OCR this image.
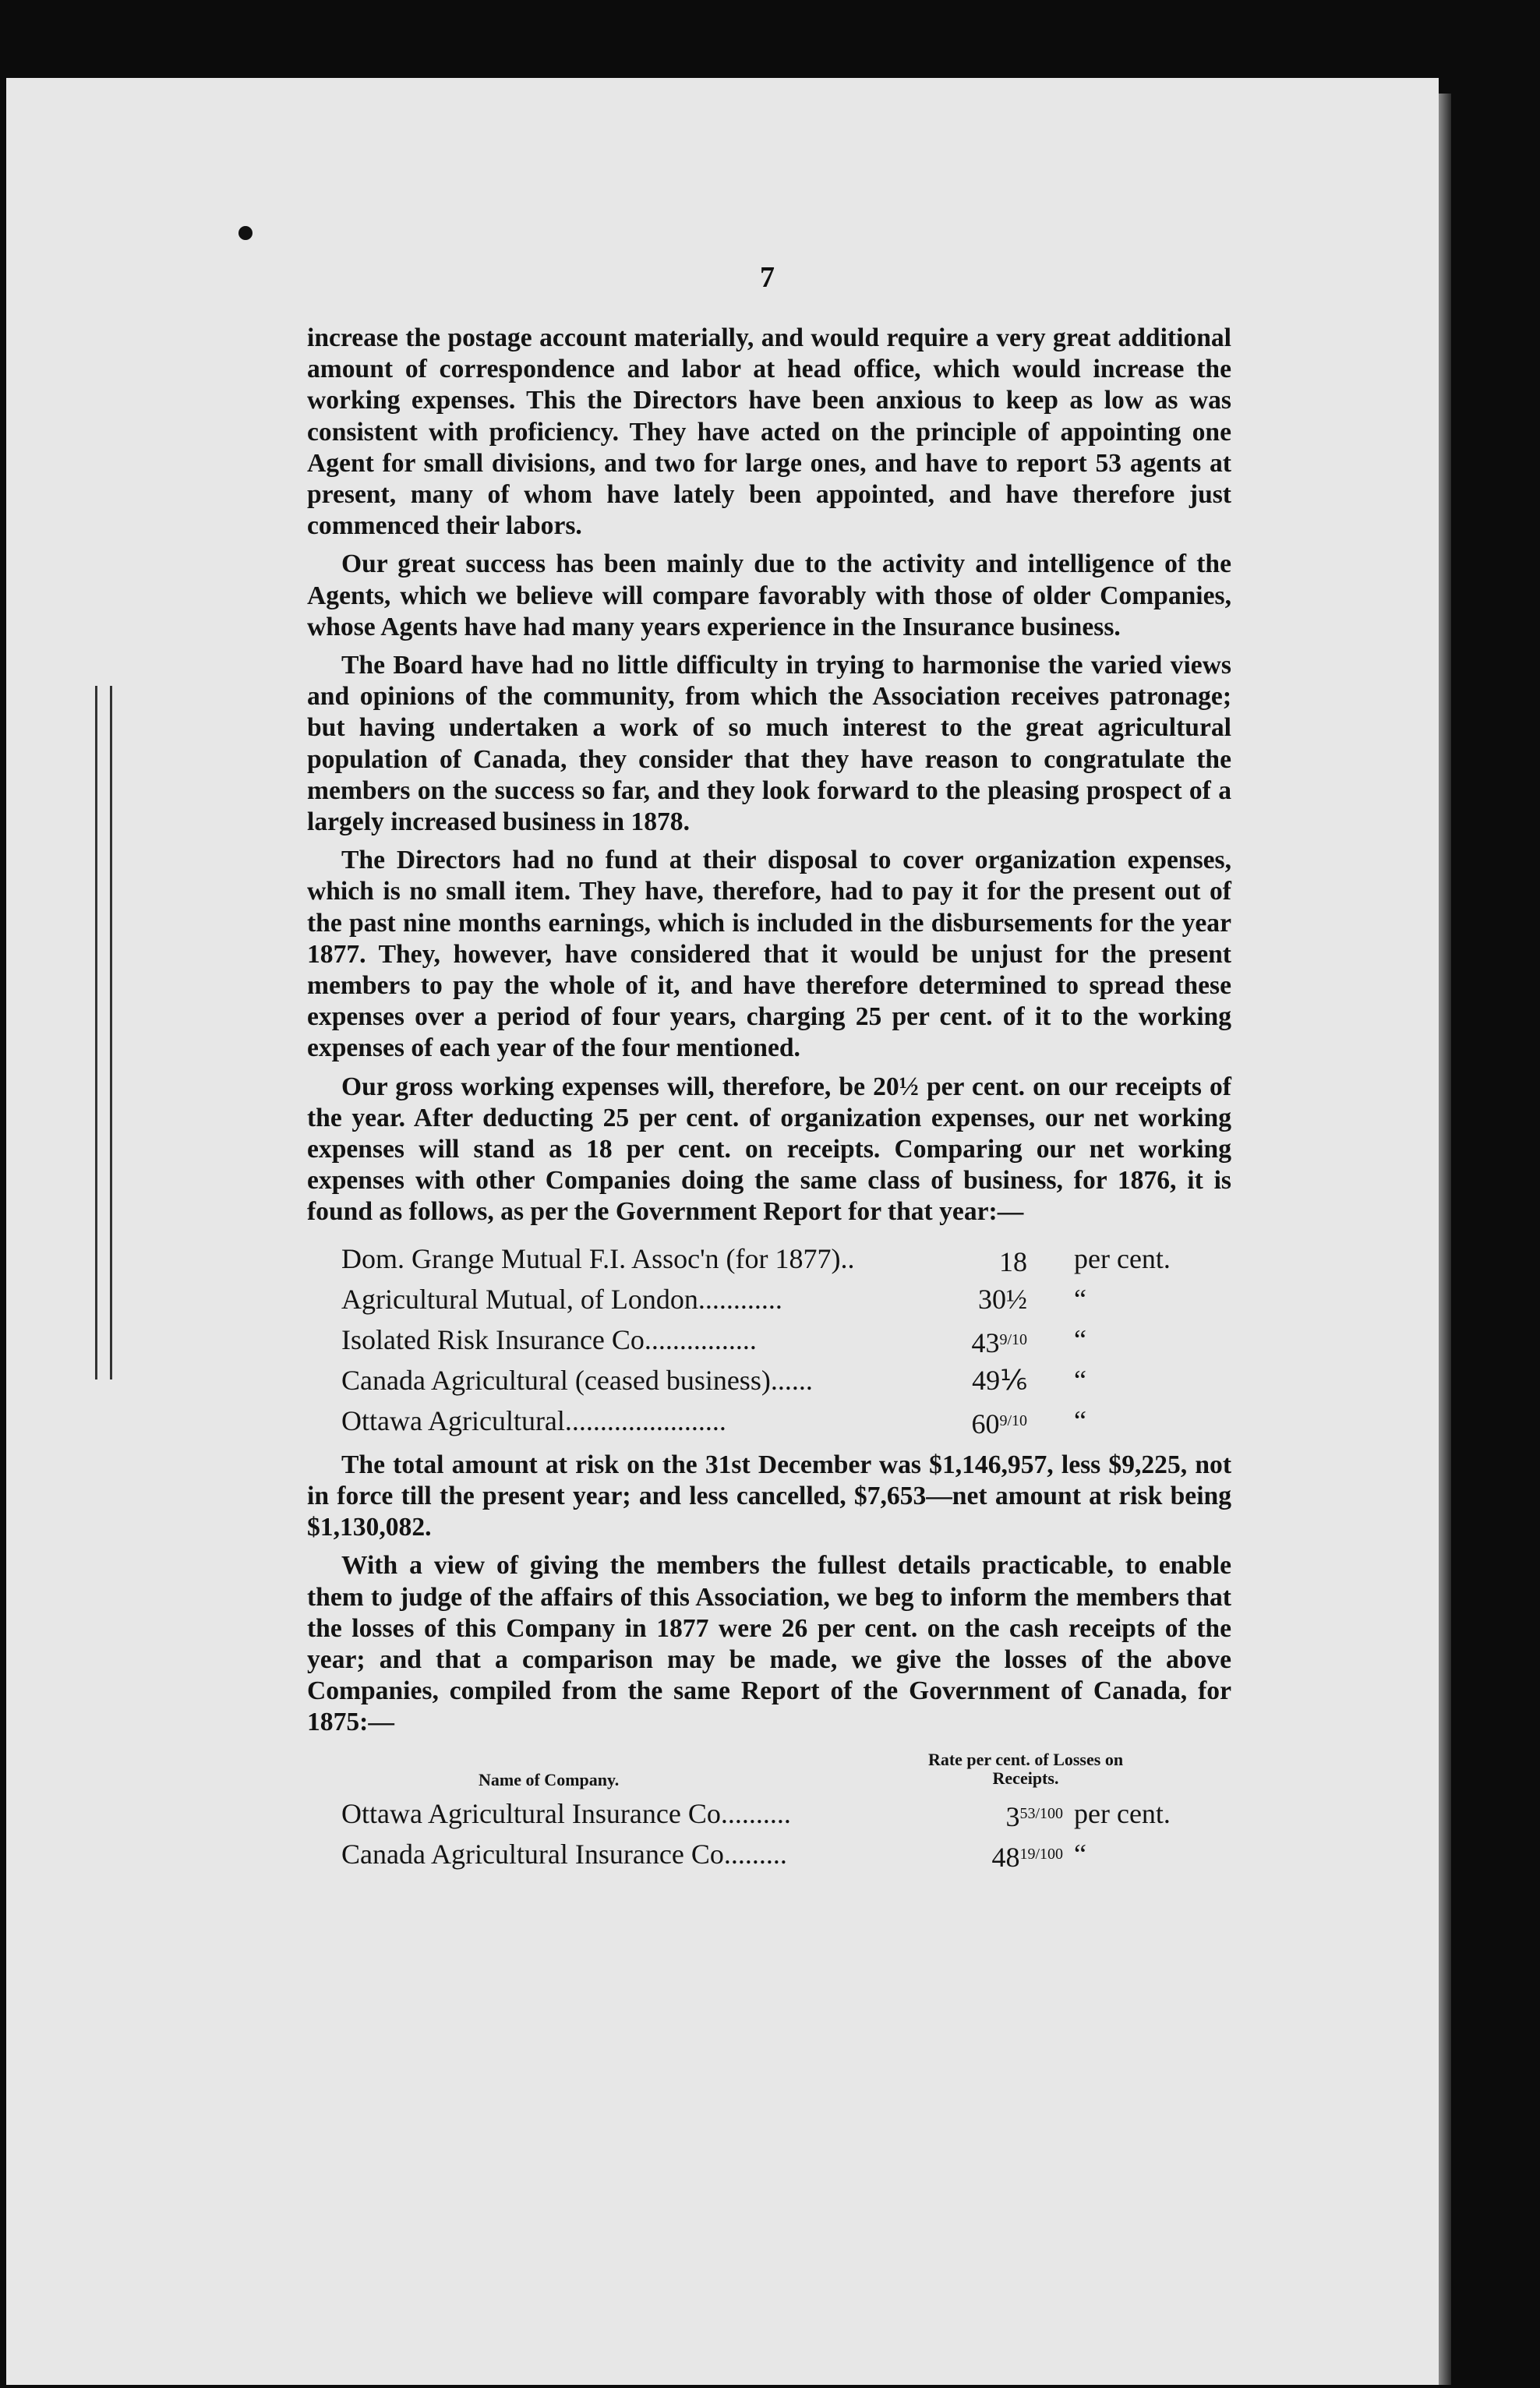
7

increase the postage account materially, and would require a very great additional amount of correspondence and labor at head office, which would increase the working expenses. This the Directors have been anxious to keep as low as was consistent with proficiency. They have acted on the principle of appointing one Agent for small divisions, and two for large ones, and have to report 53 agents at present, many of whom have lately been appointed, and have therefore just commenced their labors.

Our great success has been mainly due to the activity and intelligence of the Agents, which we believe will compare favorably with those of older Companies, whose Agents have had many years experience in the Insurance business.

The Board have had no little difficulty in trying to harmonise the varied views and opinions of the community, from which the Association receives patronage; but having undertaken a work of so much interest to the great agricultural population of Canada, they consider that they have reason to congratulate the members on the success so far, and they look forward to the pleasing prospect of a largely increased business in 1878.

The Directors had no fund at their disposal to cover organization expenses, which is no small item. They have, therefore, had to pay it for the present out of the past nine months earnings, which is included in the disbursements for the year 1877. They, however, have considered that it would be unjust for the present members to pay the whole of it, and have therefore determined to spread these expenses over a period of four years, charging 25 per cent. of it to the working expenses of each year of the four mentioned.

Our gross working expenses will, therefore, be 20½ per cent. on our receipts of the year. After deducting 25 per cent. of organization expenses, our net working expenses will stand as 18 per cent. on receipts. Comparing our net working expenses with other Companies doing the same class of business, for 1876, it is found as follows, as per the Government Report for that year:—

Dom. Grange Mutual F.I. Assoc'n (for 1877)..	18 per cent.
Agricultural Mutual, of London............	30½ “
Isolated Risk Insurance Co................	$43^{9/10}$ “
Canada Agricultural (ceased business)......	49⅙ “
Ottawa Agricultural.......................	$60^{9/10}$ “

The total amount at risk on the 31st December was $1,146,957, less $9,225, not in force till the present year; and less cancelled, $7,653—net amount at risk being $1,130,082.

With a view of giving the members the fullest details practicable, to enable them to judge of the affairs of this Association, we beg to inform the members that the losses of this Company in 1877 were 26 per cent. on the cash receipts of the year; and that a comparison may be made, we give the losses of the above Companies, compiled from the same Report of the Government of Canada, for 1875:—

Name of Company.
Rate per cent. of Losses on Receipts.
Ottawa Agricultural Insurance Co..........	$3^{53/100}$ per cent.
Canada Agricultural Insurance Co.........	$48^{19/100}$ “
